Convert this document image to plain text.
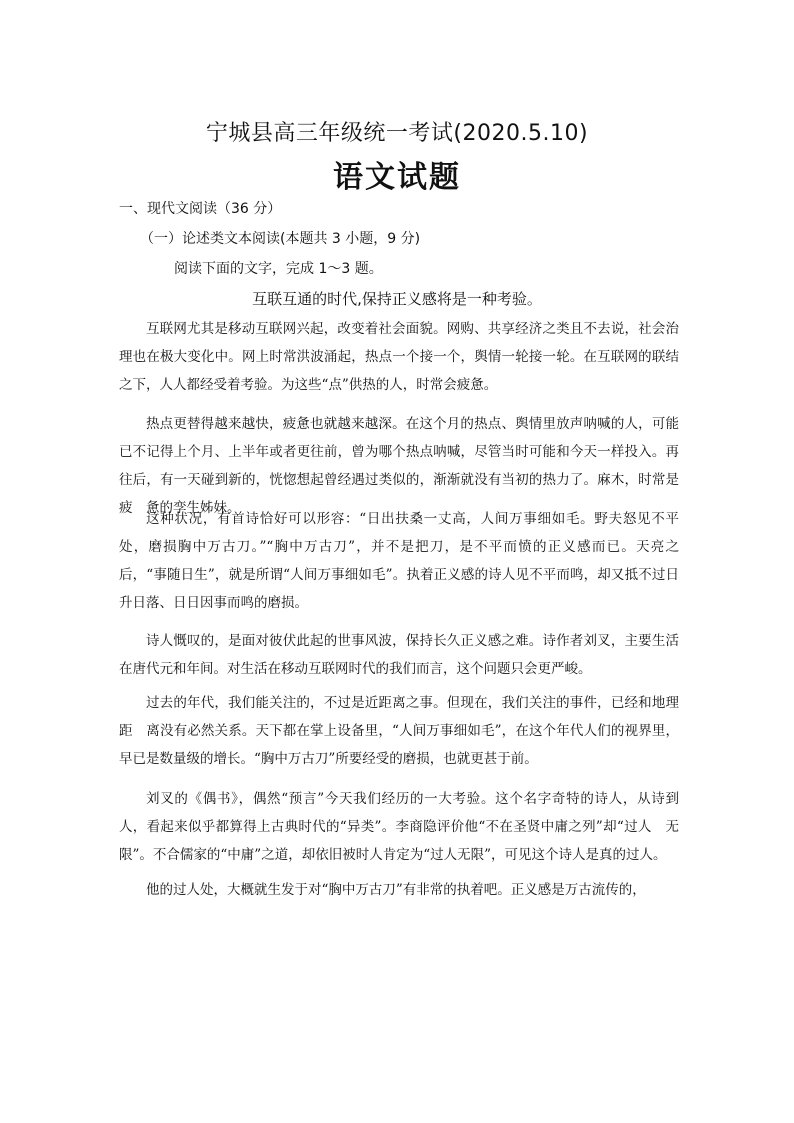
宁城县高三年级统一考试(2020.5.10)
语文试题
一、现代文阅读（36 分）
（一）论述类文本阅读(本题共 3 小题，9 分)
阅读下面的文字，完成 1～3 题。
互联互通的时代,保持正义感将是一种考验。
互联网尤其是移动互联网兴起，改变着社会面貌。网购、共享经济之类且不去说，社会治　理也在极大变化中。网上时常洪波涌起，热点一个接一个，舆情一轮接一轮。在互联网的联结　之下，人人都经受着考验。为这些“点”供热的人，时常会疲惫。
热点更替得越来越快，疲惫也就越来越深。在这个月的热点、舆情里放声呐喊的人，可能　已不记得上个月、上半年或者更往前，曾为哪个热点呐喊，尽管当时可能和今天一样投入。再　往后，有一天碰到新的，恍惚想起曾经遇过类似的，渐渐就没有当初的热力了。麻木，时常是疲　惫的孪生姊妹。
这种状况，有首诗恰好可以形容：“日出扶桑一丈高，人间万事细如毛。野夫怒见不平处，磨损胸中万古刀。”“胸中万古刀”，并不是把刀，是不平而愤的正义感而已。天亮之后，“事随日生”，就是所谓“人间万事细如毛”。执着正义感的诗人见不平而鸣，却又抵不过日升日落、日日因事而鸣的磨损。
诗人慨叹的，是面对彼伏此起的世事风波，保持长久正义感之难。诗作者刘叉，主要生活在唐代元和年间。对生活在移动互联网时代的我们而言，这个问题只会更严峻。
过去的年代，我们能关注的，不过是近距离之事。但现在，我们关注的事件，已经和地理距　离没有必然关系。天下都在掌上设备里，“人间万事细如毛”，在这个年代人们的视界里，早已是数量级的增长。“胸中万古刀”所要经受的磨损，也就更甚于前。
刘叉的《偶书》，偶然“预言”今天我们经历的一大考验。这个名字奇特的诗人，从诗到　人，看起来似乎都算得上古典时代的“异类”。李商隐评价他“不在圣贤中庸之列”却“过人　无限”。不合儒家的“中庸”之道，却依旧被时人肯定为“过人无限”，可见这个诗人是真的过人。
他的过人处，大概就生发于对“胸中万古刀”有非常的执着吧。正义感是万古流传的，
